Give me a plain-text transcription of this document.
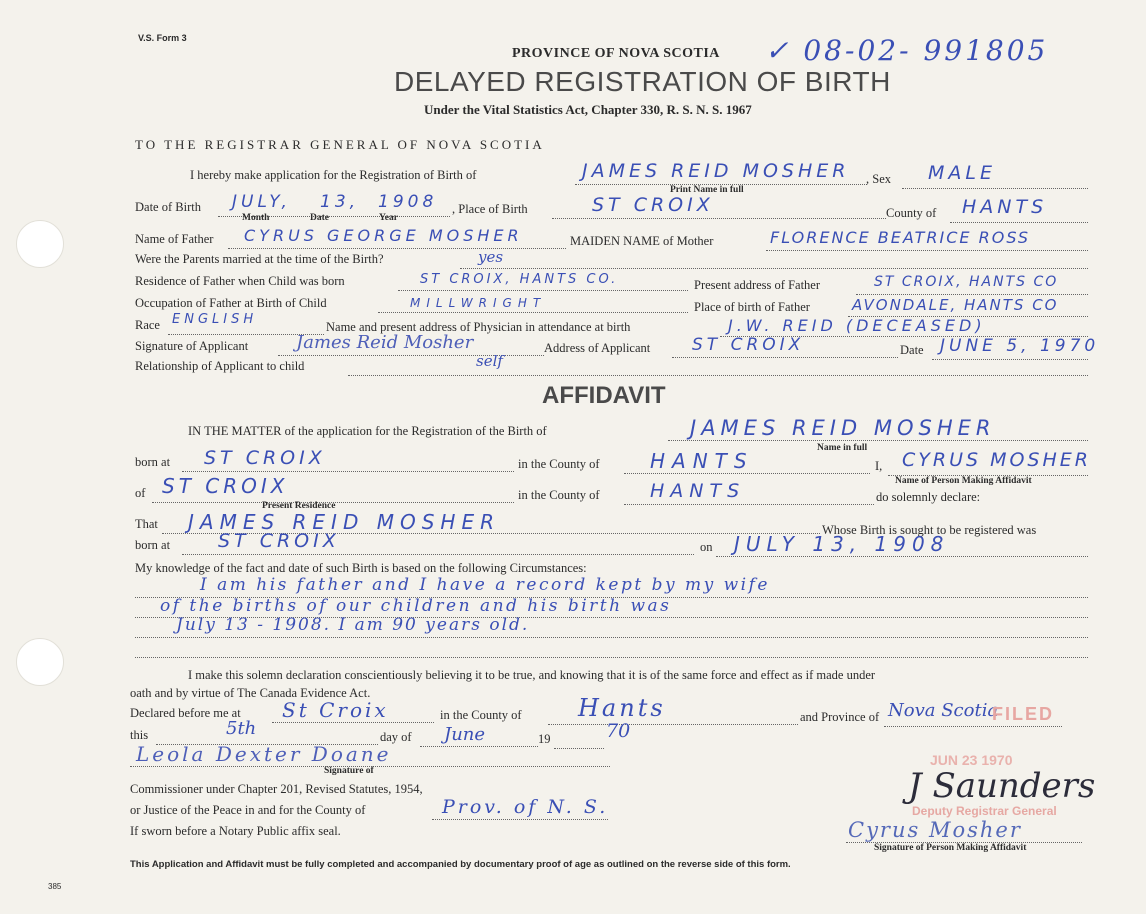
V.S. Form 3
PROVINCE OF NOVA SCOTIA ✓ 08-02- 991805
DELAYED REGISTRATION OF BIRTH
Under the Vital Statistics Act, Chapter 330, R. S. N. S. 1967
TO THE REGISTRAR GENERAL OF NOVA SCOTIA
I hereby make application for the Registration of Birth of	JAMES REID MOSHER , Sex MALE
Print Name in full
Date of Birth JULY, 13, 1908
Month	Date	Year
, Place of Birth	ST CROIX	County of HANTS
Name of Father CYRUS GEORGE MOSHER	MAIDEN NAME of Mother	FLORENCE BEATRICE ROSS
Were the Parents married at the time of the Birth?	yes
Residence of Father when Child was born	ST CROIX, HANTS CO.	Present address of Father	ST CROIX, HANTS CO
Occupation of Father at Birth of Child	MILLWRIGHT	Place of birth of Father	AVONDALE, HANTS CO
Race ENGLISH	Name and present address of Physician in attendance at birth	J.W. REID (DECEASED)
Signature of Applicant	James Reid Mosher	Address of Applicant ST CROIX	Date JUNE 5, 1970
Relationship of Applicant to child	self
AFFIDAVIT
IN THE MATTER of the application for the Registration of the Birth of	JAMES REID MOSHER
Name in full
born at ST CROIX	in the County of	HANTS	I, CYRUS MOSHER
Name of Person Making Affidavit
of ST CROIX
Present Residence
in the County of	HANTS	do solemnly declare:
That JAMES REID MOSHER	Whose Birth is sought to be registered was
born at	ST CROIX	on JULY 13, 1908
My knowledge of the fact and date of such Birth is based on the following Circumstances:
I am his father and I have a record kept by my wife
of the births of our children and his birth was
July 13 - 1908. I am 90 years old.
I make this solemn declaration conscientiously believing it to be true, and knowing that it is of the same force and effect as if made under
oath and by virtue of The Canada Evidence Act.
Declared before me at St Croix	in the County of Hants	and Province of Nova Scotia
FILED
this	5th	day of June	19	70
JUN 23 1970
Leola Dexter Doane
Signature of
Commissioner under Chapter 201, Revised Statutes, 1954,
or Justice of the Peace in and for the County of	Prov. of N. S.
If sworn before a Notary Public affix seal.
J Saunders
Deputy Registrar General
Cyrus Mosher
Signature of Person Making Affidavit
This Application and Affidavit must be fully completed and accompanied by documentary proof of age as outlined on the reverse side of this form.
385
